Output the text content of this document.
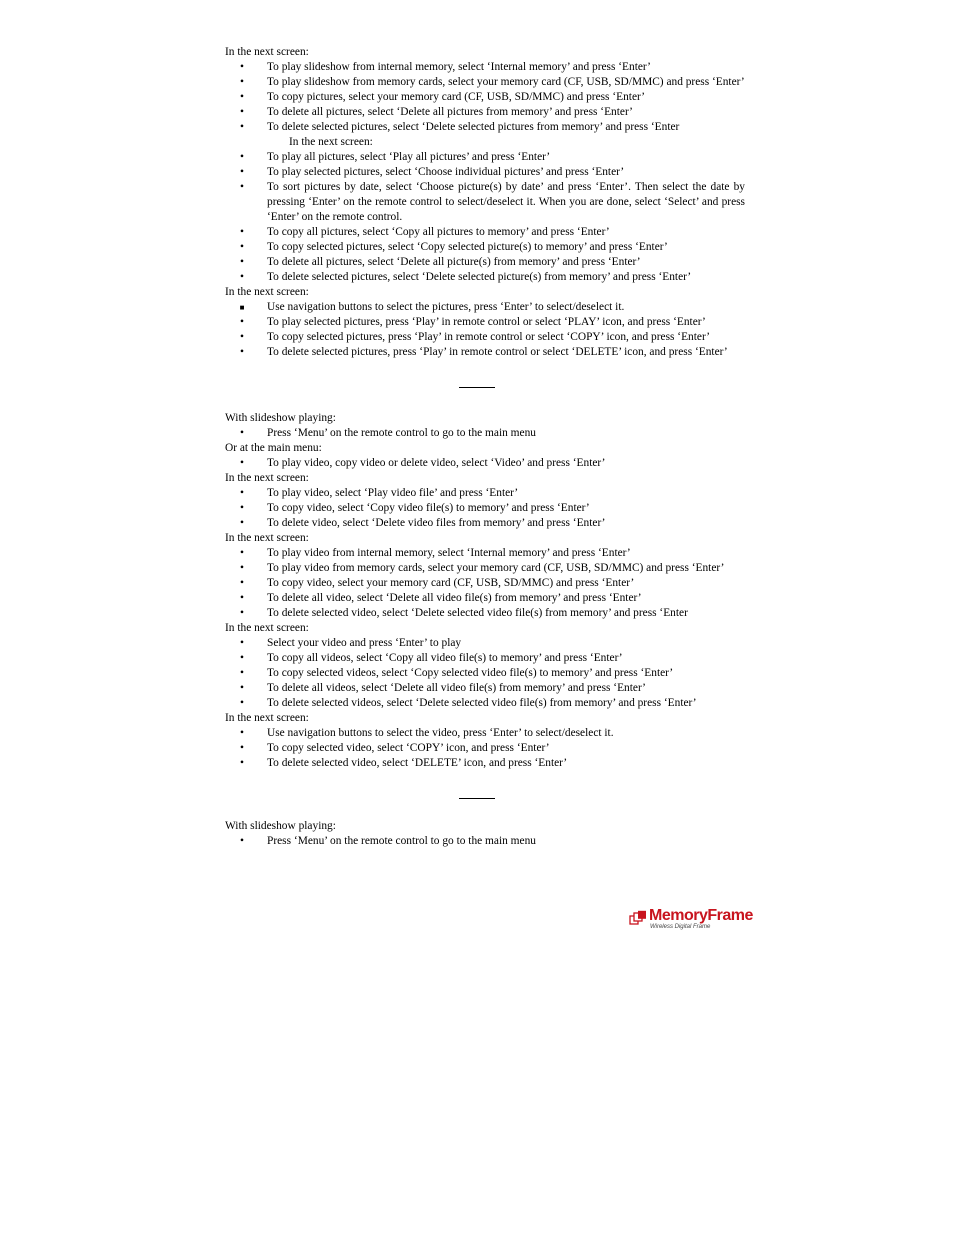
In the next screen:

• To play slideshow from internal memory, select ‘Internal memory’ and press ‘Enter’
• To play slideshow from memory cards, select your memory card (CF, USB, SD/MMC) and press ‘Enter’
• To copy pictures, select your memory card (CF, USB, SD/MMC) and press ‘Enter’
• To delete all pictures, select ‘Delete all pictures from memory’ and press ‘Enter’
• To delete selected pictures, select ‘Delete selected pictures from memory’ and press ‘Enter

In the next screen:

• To play all pictures, select ‘Play all pictures’ and press ‘Enter’
• To play selected pictures, select ‘Choose individual pictures’ and press ‘Enter’
• To sort pictures by date, select ‘Choose picture(s) by date’ and press ‘Enter’. Then select the date by pressing ‘Enter’ on the remote control to select/deselect it. When you are done, select ‘Select’ and press ‘Enter’ on the remote control.
• To copy all pictures, select ‘Copy all pictures to memory’ and press ‘Enter’
• To copy selected pictures, select ‘Copy selected picture(s) to memory’ and press ‘Enter’
• To delete all pictures, select ‘Delete all picture(s) from memory’ and press ‘Enter’
• To delete selected pictures, select ‘Delete selected picture(s) from memory’ and press ‘Enter’

In the next screen:

■ Use navigation buttons to select the pictures, press ‘Enter’ to select/deselect it.
• To play selected pictures, press ‘Play’ in remote control or select ‘PLAY’ icon, and press ‘Enter’
• To copy selected pictures, press ‘Play’ in remote control or select ‘COPY’ icon, and press ‘Enter’
• To delete selected pictures, press ‘Play’ in remote control or select ‘DELETE’ icon, and press ‘Enter’

With slideshow playing:

• Press ‘Menu’ on the remote control to go to the main menu

Or at the main menu:

• To play video, copy video or delete video, select ‘Video’ and press ‘Enter’

In the next screen:

• To play video, select ‘Play video file’ and press ‘Enter’
• To copy video, select ‘Copy video file(s) to memory’ and press ‘Enter’
• To delete video, select ‘Delete video files from memory’ and press ‘Enter’

In the next screen:

• To play video from internal memory, select ‘Internal memory’ and press ‘Enter’
• To play video from memory cards, select your memory card (CF, USB, SD/MMC) and press ‘Enter’
• To copy video, select your memory card (CF, USB, SD/MMC) and press ‘Enter’
• To delete all video, select ‘Delete all video file(s) from memory’ and press ‘Enter’
• To delete selected video, select ‘Delete selected video file(s) from memory’ and press ‘Enter

In the next screen:

• Select your video and press ‘Enter’ to play
• To copy all videos, select ‘Copy all video file(s) to memory’ and press ‘Enter’
• To copy selected videos, select ‘Copy selected video file(s) to memory’ and press ‘Enter’
• To delete all videos, select ‘Delete all video file(s) from memory’ and press ‘Enter’
• To delete selected videos, select ‘Delete selected video file(s) from memory’ and press ‘Enter’

In the next screen:

• Use navigation buttons to select the video, press ‘Enter’ to select/deselect it.
• To copy selected video, select ‘COPY’ icon, and press ‘Enter’
• To delete selected video, select ‘DELETE’ icon, and press ‘Enter’

With slideshow playing:

• Press ‘Menu’ on the remote control to go to the main menu
MemoryFrame
Wireless Digital Frame
